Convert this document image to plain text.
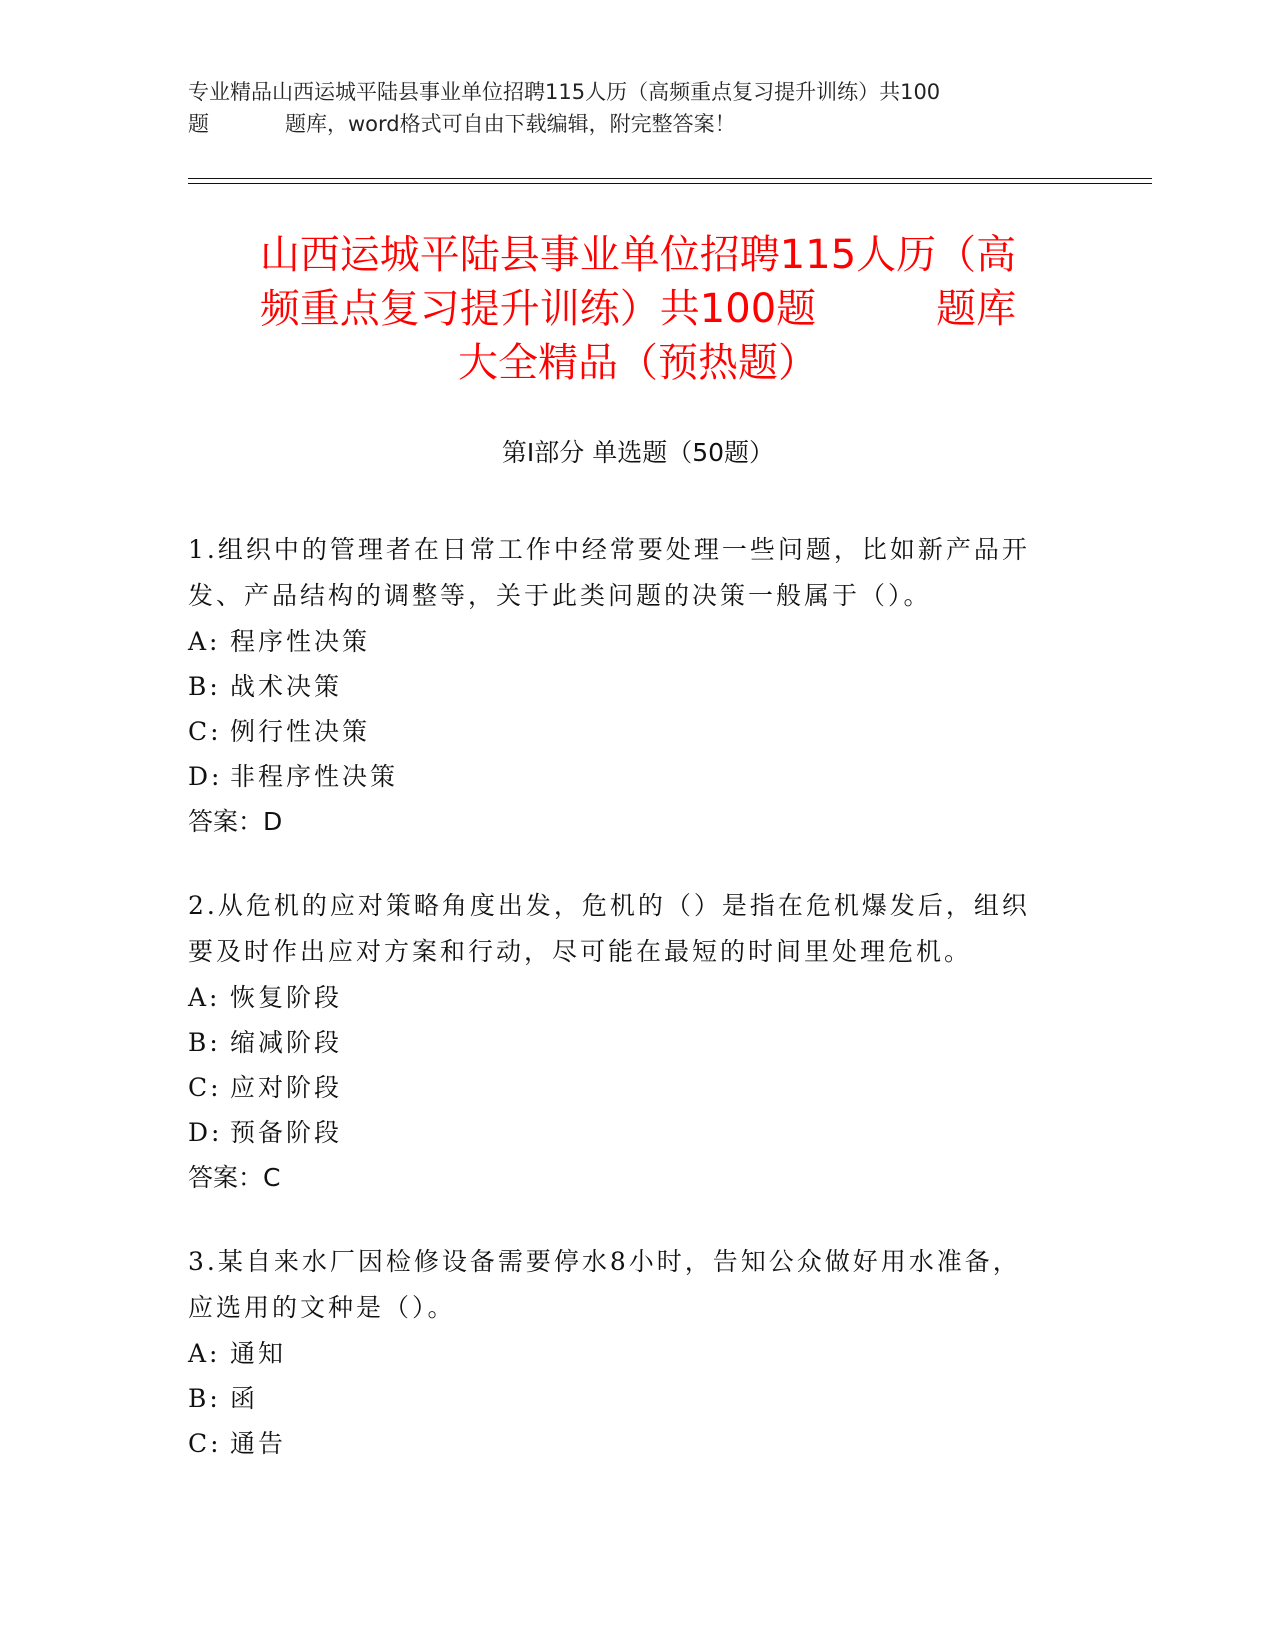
专业精品山西运城平陆县事业单位招聘115人历（高频重点复习提升训练）共100
题	题库，word格式可自由下载编辑，附完整答案！
山西运城平陆县事业单位招聘115人历（高
频重点复习提升训练）共100题	题库
大全精品（预热题）
第Ⅰ部分 单选题（50题）

1.组织中的管理者在日常工作中经常要处理一些问题，比如新产品开
发、产品结构的调整等，关于此类问题的决策一般属于（）。

A: 程序性决策

B: 战术决策

C: 例行性决策

D: 非程序性决策

答案：D

2.从危机的应对策略角度出发，危机的（）是指在危机爆发后，组织
要及时作出应对方案和行动，尽可能在最短的时间里处理危机。

A: 恢复阶段

B: 缩减阶段

C: 应对阶段

D: 预备阶段

答案：C

3.某自来水厂因检修设备需要停水8小时，告知公众做好用水准备，
应选用的文种是（）。

A: 通知

B: 函

C: 通告
